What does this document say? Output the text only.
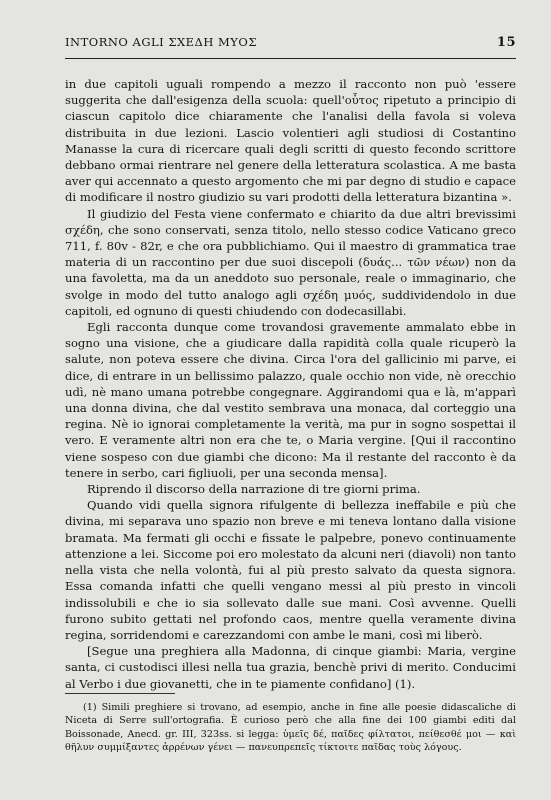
INTORNO AGLI ΣΧΕΔΗ ΜΥΟΣ	15

in due capitoli uguali rompendo a mezzo il racconto non può 'essere suggerita che dall'esigenza della scuola: quell'οὗτος ripetuto a principio di ciascun capitolo dice chiaramente che l'analisi della favola si voleva distribuita in due lezioni. Lascio volentieri agli studiosi di Costantino Manasse la cura di ricercare quali degli scritti di questo fecondo scrittore debbano ormai rientrare nel genere della letteratura scolastica. A me basta aver qui accennato a questo argomento che mi par degno di studio e capace di modificare il nostro giudizio su vari prodotti della letteratura bizantina ».

Il giudizio del Festa viene confermato e chiarito da due altri brevissimi σχέδη, che sono conservati, senza titolo, nello stesso codice Vaticano greco 711, f. 80v - 82r, e che ora pubblichiamo. Qui il maestro di grammatica trae materia di un raccontino per due suoi discepoli (δυάς... τῶν νέων) non da una favoletta, ma da un aneddoto suo personale, reale o immaginario, che svolge in modo del tutto analogo agli σχέδη μυός, suddividendolo in due capitoli, ed ognuno di questi chiudendo con dodecasillabi.

Egli racconta dunque come trovandosi gravemente ammalato ebbe in sogno una visione, che a giudicare dalla rapidità colla quale ricuperò la salute, non poteva essere che divina. Circa l'ora del gallicinio mi parve, ei dice, di entrare in un bellissimo palazzo, quale occhio non vide, nè orecchio udì, nè mano umana potrebbe congegnare. Aggirandomi qua e là, m'apparì una donna divina, che dal vestito sembrava una monaca, dal corteggio una regina. Nè io ignorai completamente la verità, ma pur in sogno sospettai il vero. E veramente altri non era che te, o Maria vergine. [Qui il raccontino viene sospeso con due giambi che dicono: Ma il restante del racconto è da tenere in serbo, cari figliuoli, per una seconda mensa].

Riprendo il discorso della narrazione di tre giorni prima.

Quando vidi quella signora rifulgente di bellezza ineffabile e più che divina, mi separava uno spazio non breve e mi teneva lontano dalla visione bramata. Ma fermati gli occhi e fissate le palpebre, ponevo continuamente attenzione a lei. Siccome poi ero molestato da alcuni neri (diavoli) non tanto nella vista che nella volontà, fui al più presto salvato da questa signora. Essa comanda infatti che quelli vengano messi al più presto in vincoli indissolubili e che io sia sollevato dalle sue mani. Così avvenne. Quelli furono subito gettati nel profondo caos, mentre quella veramente divina regina, sorridendomi e carezzandomi con ambe le mani, così mi liberò.

[Segue una preghiera alla Madonna, di cinque giambi: Maria, vergine santa, ci custodisci illesi nella tua grazia, benchè privi di merito. Conducimi al Verbo i due giovanetti, che in te piamente confidano] (1).

(1) Simili preghiere si trovano, ad esempio, anche in fine alle poesie didascaliche di Niceta di Serre sull'ortografia. È curioso però che alla fine dei 100 giambi editi dal Boissonade, Anecd. gr. III, 323ss. si legga: ὑμεῖς δέ, παῖδες φίλτατοι, πείθεσθέ μοι — καὶ θῆλυν συμμίξαντες ἀρρένων γένει — πανευπρεπεῖς τίκτοιτε παῖδας τοὺς λόγους.
